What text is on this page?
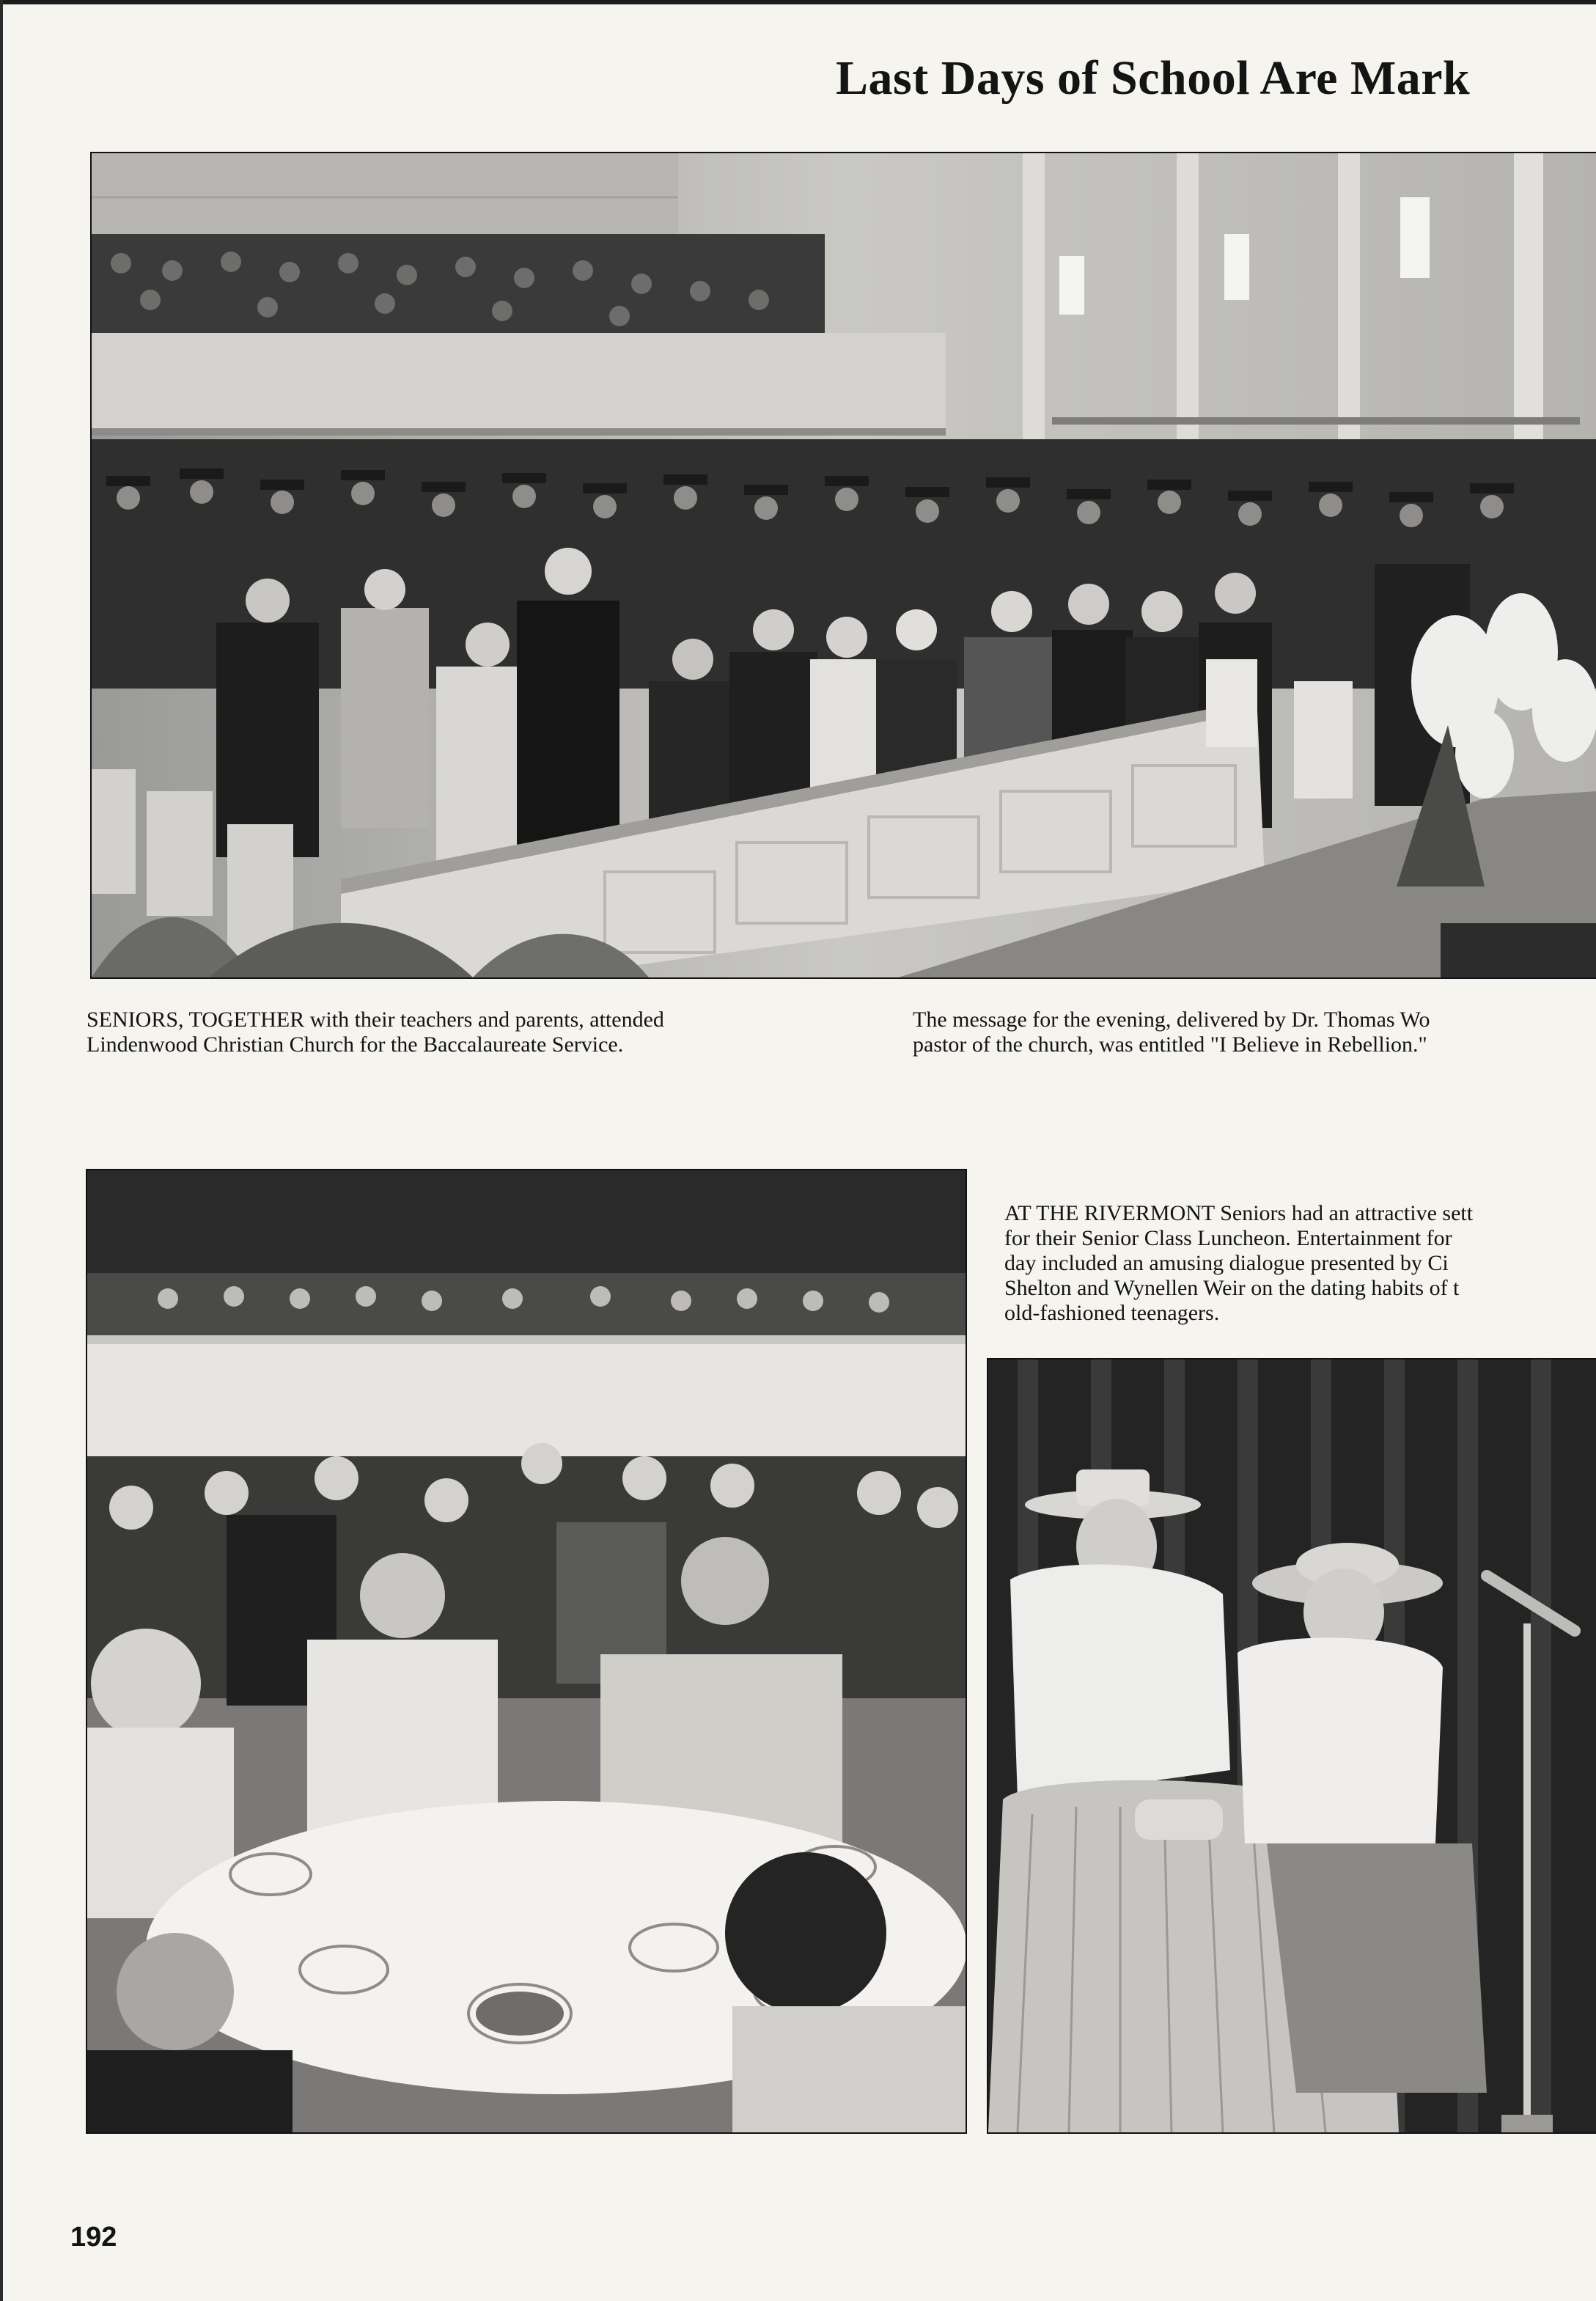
Last Days of School Are Mark
SENIORS, TOGETHER with their teachers and parents, attended
Lindenwood Christian Church for the Baccalaureate Service.
The message for the evening, delivered by Dr. Thomas Wo
pastor of the church, was entitled "I Believe in Rebellion."
AT THE RIVERMONT Seniors had an attractive sett
for their Senior Class Luncheon. Entertainment for
day included an amusing dialogue presented by Ci
Shelton and Wynellen Weir on the dating habits of t
old-fashioned teenagers.
192
